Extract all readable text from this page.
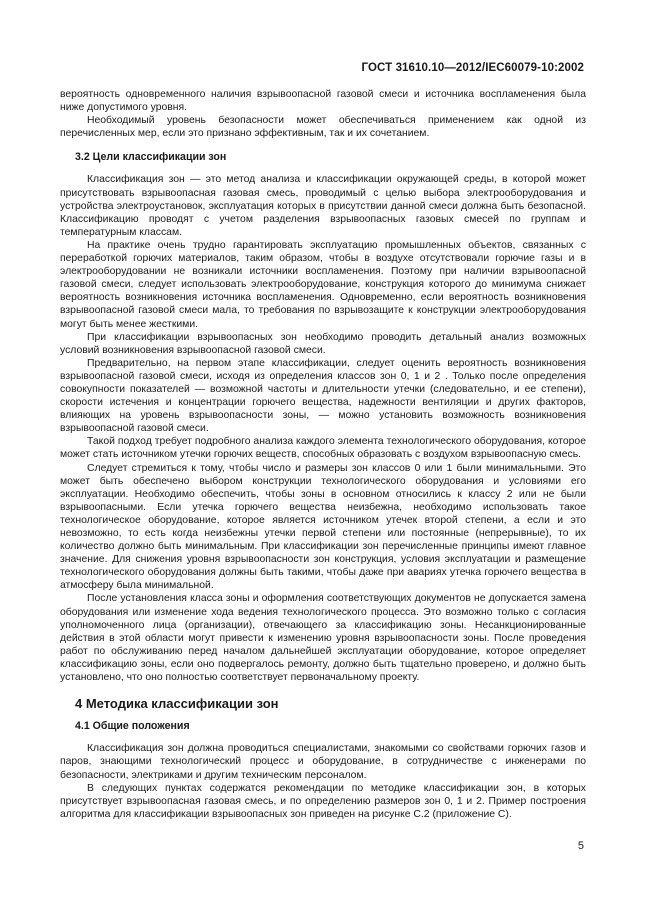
ГОСТ 31610.10—2012/IEC60079-10:2002

вероятность одновременного наличия взрывоопасной газовой смеси и источника воспламенения была ниже допустимого уровня.

Необходимый уровень безопасности может обеспечиваться применением как одной из перечисленных мер, если это признано эффективным, так и их сочетанием.

3.2 Цели классификации зон

Классификация зон — это метод анализа и классификации окружающей среды, в которой может присутствовать взрывоопасная газовая смесь, проводимый с целью выбора электрооборудования и устройства электроустановок, эксплуатация которых в присутствии данной смеси должна быть безопасной. Классификацию проводят с учетом разделения взрывоопасных газовых смесей по группам и температурным классам.

На практике очень трудно гарантировать эксплуатацию промышленных объектов, связанных с переработкой горючих материалов, таким образом, чтобы в воздухе отсутствовали горючие газы и в электрооборудовании не возникали источники воспламенения. Поэтому при наличии взрывоопасной газовой смеси, следует использовать электрооборудование, конструкция которого до минимума снижает вероятность возникновения источника воспламенения. Одновременно, если вероятность возникновения взрывоопасной газовой смеси мала, то требования по взрывозащите к конструкции электрооборудования могут быть менее жесткими.

При классификации взрывоопасных зон необходимо проводить детальный анализ возможных условий возникновения взрывоопасной газовой смеси.

Предварительно, на первом этапе классификации, следует оценить вероятность возникновения взрывоопасной газовой смеси, исходя из определения классов зон 0, 1 и 2 . Только после определения совокупности показателей — возможной частоты и длительности утечки (следовательно, и ее степени), скорости истечения и концентрации горючего вещества, надежности вентиляции и других факторов, влияющих на уровень взрывоопасности зоны, — можно установить возможность возникновения взрывоопасной газовой смеси.

Такой подход требует подробного анализа каждого элемента технологического оборудования, которое может стать источником утечки горючих веществ, способных образовать с воздухом взрывоопасную смесь.

Следует стремиться к тому, чтобы число и размеры зон классов 0 или 1 были минимальными. Это может быть обеспечено выбором конструкции технологического оборудования и условиями его эксплуатации. Необходимо обеспечить, чтобы зоны в основном относились к классу 2 или не были взрывоопасными. Если утечка горючего вещества неизбежна, необходимо использовать такое технологическое оборудование, которое является источником утечек второй степени, а если и это невозможно, то есть когда неизбежны утечки первой степени или постоянные (непрерывные), то их количество должно быть минимальным. При классификации зон перечисленные принципы имеют главное значение. Для снижения уровня взрывоопасности зон конструкция, условия эксплуатации и размещение технологического оборудования должны быть такими, чтобы даже при авариях утечка горючего вещества в атмосферу была минимальной.

После установления класса зоны и оформления соответствующих документов не допускается замена оборудования или изменение хода ведения технологического процесса. Это возможно только с согласия уполномоченного лица (организации), отвечающего за классификацию зоны. Несанкционированные действия в этой области могут привести к изменению уровня взрывоопасности зоны. После проведения работ по обслуживанию перед началом дальнейшей эксплуатации оборудование, которое определяет классификацию зоны, если оно подвергалось ремонту, должно быть тщательно проверено, и должно быть установлено, что оно полностью соответствует первоначальному проекту.

4 Методика классификации зон
4.1 Общие положения

Классификация зон должна проводиться специалистами, знакомыми со свойствами горючих газов и паров, знающими технологический процесс и оборудование, в сотрудничестве с инженерами по безопасности, электриками и другим техническим персоналом.

В следующих пунктах содержатся рекомендации по методике классификации зон, в которых присутствует взрывоопасная газовая смесь, и по определению размеров зон 0, 1 и 2. Пример построения алгоритма для классификации взрывоопасных зон приведен на рисунке С.2 (приложение С).

5
